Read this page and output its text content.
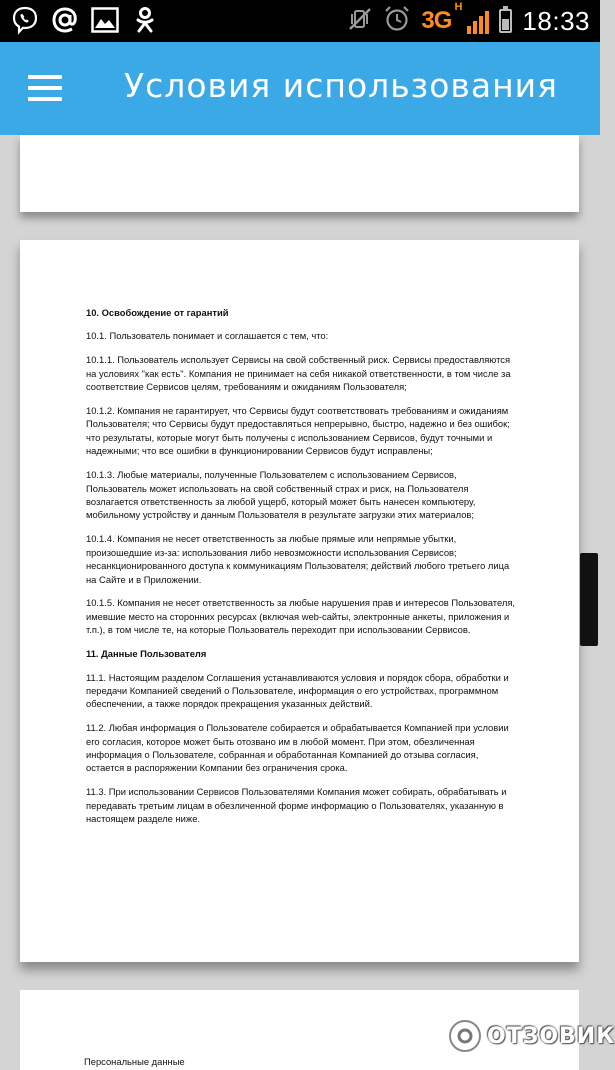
3G H 18:33
Условия использования
10. Освобождение от гарантий

10.1. Пользователь понимает и соглашается с тем, что:

10.1.1. Пользователь использует Сервисы на свой собственный риск. Сервисы предоставляются на условиях "как есть". Компания не принимает на себя никакой ответственности, в том числе за соответствие Сервисов целям, требованиям и ожиданиям Пользователя;

10.1.2. Компания не гарантирует, что Сервисы будут соответствовать требованиям и ожиданиям Пользователя; что Сервисы будут предоставляться непрерывно, быстро, надежно и без ошибок; что результаты, которые могут быть получены с использованием Сервисов, будут точными и надежными; что все ошибки в функционировании Сервисов будут исправлены;

10.1.3. Любые материалы, полученные Пользователем с использованием Сервисов, Пользователь может использовать на свой собственный страх и риск, на Пользователя возлагается ответственность за любой ущерб, который может быть нанесен компьютеру, мобильному устройству и данным Пользователя в результате загрузки этих материалов;

10.1.4. Компания не несет ответственность за любые прямые или непрямые убытки, произошедшие из-за: использования либо невозможности использования Сервисов; несанкционированного доступа к коммуникациям Пользователя; действий любого третьего лица на Сайте и в Приложении.

10.1.5. Компания не несет ответственность за любые нарушения прав и интересов Пользователя, имевшие место на сторонних ресурсах (включая web-сайты, электронные анкеты, приложения и т.п.), в том числе те, на которые Пользователь переходит при использовании Сервисов.

11. Данные Пользователя

11.1. Настоящим разделом Соглашения устанавливаются условия и порядок сбора, обработки и передачи Компанией сведений о Пользователе, информация о его устройствах, программном обеспечении, а также порядок прекращения указанных действий.

11.2. Любая информация о Пользователе собирается и обрабатывается Компанией при условии его согласия, которое может быть отозвано им в любой момент. При этом, обезличенная информация о Пользователе, собранная и обработанная Компанией до отзыва согласия, остается в распоряжении Компании без ограничения срока.

11.3. При использовании Сервисов Пользователями Компания может собирать, обрабатывать и передавать третьим лицам в обезличенной форме информацию о Пользователях, указанную в настоящем разделе ниже.

Персональные данные
ОТЗОВИК
